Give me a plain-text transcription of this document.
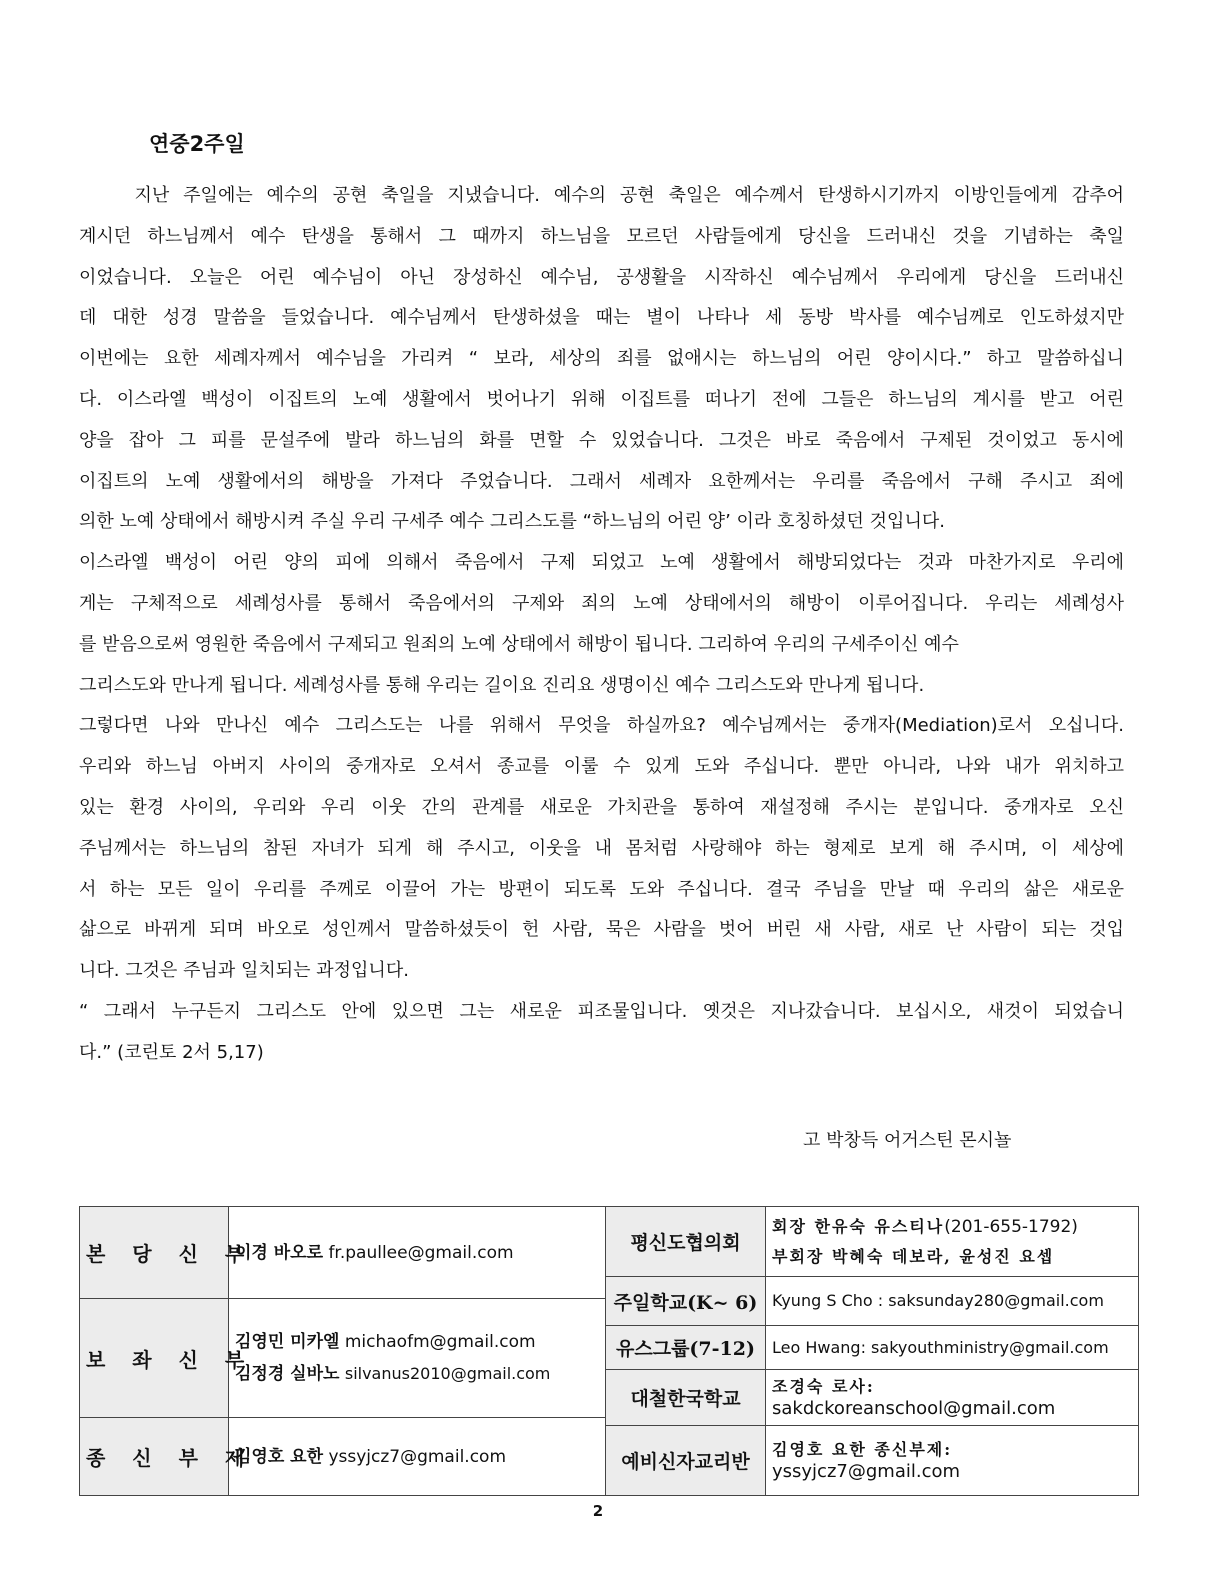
연중2주일
지난 주일에는 예수의 공현 축일을 지냈습니다. 예수의 공현 축일은 예수께서 탄생하시기까지 이방인들에게 감추어
계시던 하느님께서 예수 탄생을 통해서 그 때까지 하느님을 모르던 사람들에게 당신을 드러내신 것을 기념하는 축일
이었습니다. 오늘은 어린 예수님이 아닌 장성하신 예수님, 공생활을 시작하신 예수님께서 우리에게 당신을 드러내신
데 대한 성경 말씀을 들었습니다. 예수님께서 탄생하셨을 때는 별이 나타나 세 동방 박사를 예수님께로 인도하셨지만
이번에는 요한 세례자께서 예수님을 가리켜 “ 보라, 세상의 죄를 없애시는 하느님의 어린 양이시다.” 하고 말씀하십니
다. 이스라엘 백성이 이집트의 노예 생활에서 벗어나기 위해 이집트를 떠나기 전에 그들은 하느님의 계시를 받고 어린
양을 잡아 그 피를 문설주에 발라 하느님의 화를 면할 수 있었습니다. 그것은 바로 죽음에서 구제된 것이었고 동시에
이집트의 노예 생활에서의 해방을 가져다 주었습니다. 그래서 세례자 요한께서는 우리를 죽음에서 구해 주시고 죄에
의한 노예 상태에서 해방시켜 주실 우리 구세주 예수 그리스도를 “하느님의 어린 양’ 이라 호칭하셨던 것입니다.
이스라엘 백성이 어린 양의 피에 의해서 죽음에서 구제 되었고 노예 생활에서 해방되었다는 것과 마찬가지로 우리에
게는 구체적으로 세례성사를 통해서 죽음에서의 구제와 죄의 노예 상태에서의 해방이 이루어집니다. 우리는 세례성사
를 받음으로써 영원한 죽음에서 구제되고 원죄의 노예 상태에서 해방이 됩니다. 그리하여 우리의 구세주이신 예수
그리스도와 만나게 됩니다. 세례성사를 통해 우리는 길이요 진리요 생명이신 예수 그리스도와 만나게 됩니다.
그렇다면 나와 만나신 예수 그리스도는 나를 위해서 무엇을 하실까요? 예수님께서는 중개자(Mediation)로서 오십니다.
우리와 하느님 아버지 사이의 중개자로 오셔서 종교를 이룰 수 있게 도와 주십니다. 뿐만 아니라, 나와 내가 위치하고
있는 환경 사이의, 우리와 우리 이웃 간의 관계를 새로운 가치관을 통하여 재설정해 주시는 분입니다. 중개자로 오신
주님께서는 하느님의 참된 자녀가 되게 해 주시고, 이웃을 내 몸처럼 사랑해야 하는 형제로 보게 해 주시며, 이 세상에
서 하는 모든 일이 우리를 주께로 이끌어 가는 방편이 되도록 도와 주십니다. 결국 주님을 만날 때 우리의 삶은 새로운
삶으로 바뀌게 되며 바오로 성인께서 말씀하셨듯이 헌 사람, 묵은 사람을 벗어 버린 새 사람, 새로 난 사람이 되는 것입
니다. 그것은 주님과 일치되는 과정입니다.
“ 그래서 누구든지 그리스도 안에 있으면 그는 새로운 피조물입니다. 옛것은 지나갔습니다. 보십시오, 새것이 되었습니
다.” (코린토 2서 5,17)
고 박창득 어거스틴 몬시뇰
본 당 신 부	이경 바오로 fr.paullee@gmail.com	평신도협의회	회장 한유숙 유스티나(201-655-1792)
부회장 박혜숙 데보라, 윤성진 요셉

		주일학교(K~ 6)	Kyung S Cho : saksunday280@gmail.com
보 좌 신 부	김영민 미카엘 michaofm@gmail.com
김정경 실바노 silvanus2010@gmail.com		

		유스그룹(7-12)	Leo Hwang: sakyouthministry@gmail.com
		대철한국학교	조경숙 로사:
sakdckoreanschool@gmail.com

종 신 부 제	김영호 요한 yssyjcz7@gmail.com		
		예비신자교리반	김영호 요한 종신부제:
yssyjcz7@gmail.com
2
